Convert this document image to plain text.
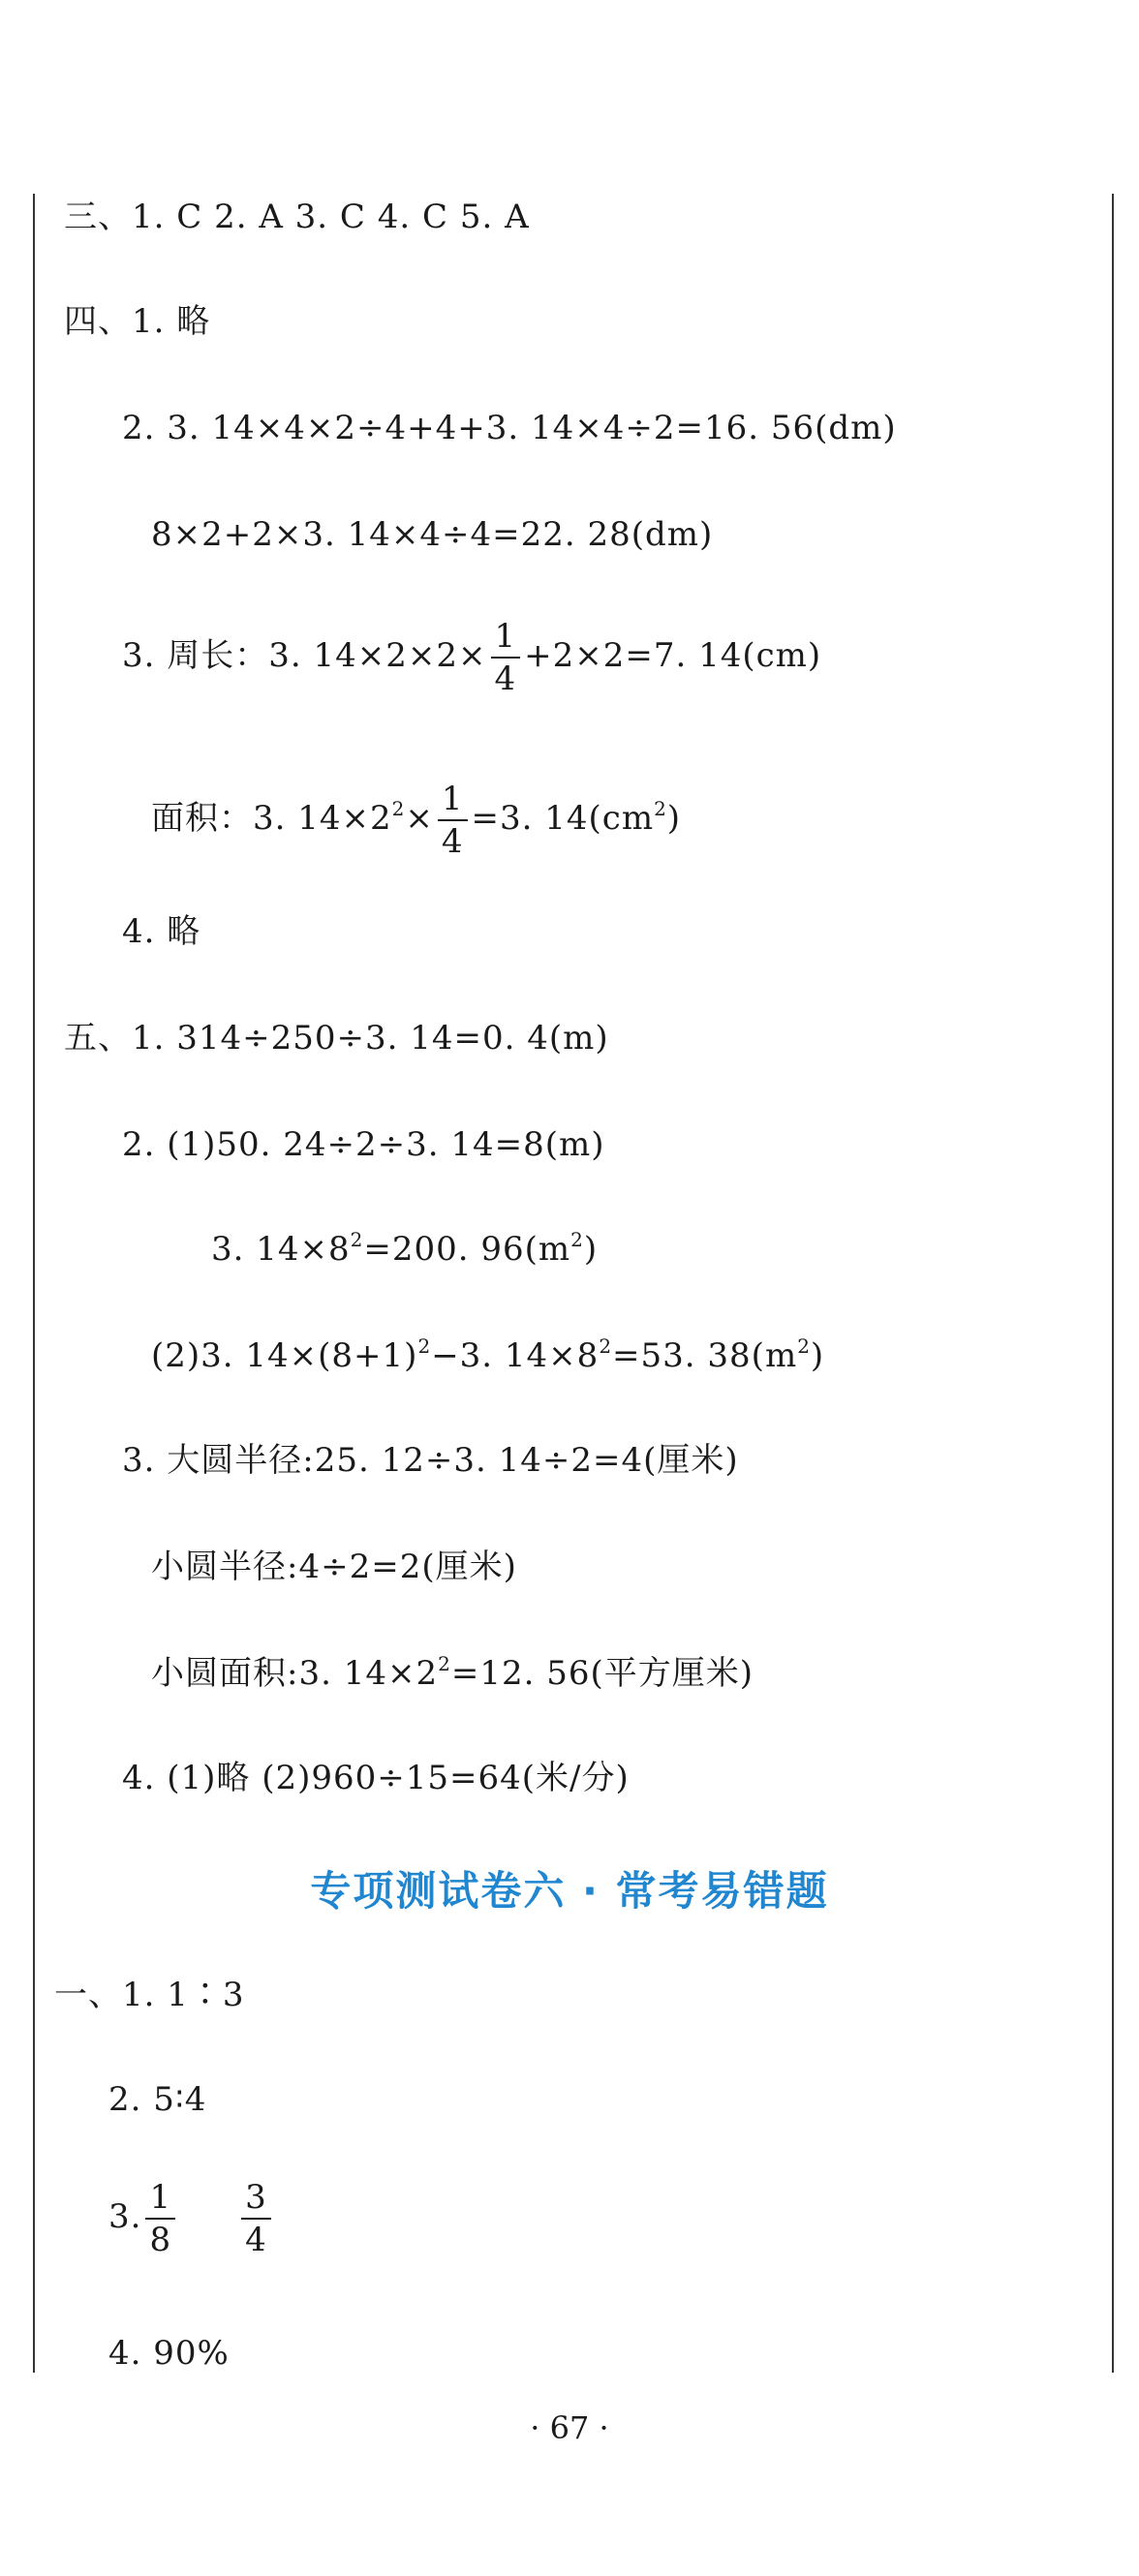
三、1. C 2. A 3. C 4. C 5. A
四、1. 略
2. 3. 14×4×2÷4+4+3. 14×4÷2=16. 56(dm)
8×2+2×3. 14×4÷4=22. 28(dm)
3. 周长：3. $14\times 2\times 2\times \frac{1}{4} +2\times 2=7$. 14(cm)
面积：3. $14\times 2^2\times \frac{1}{4} =3$. $14(cm^2)$
4. 略
五、1. 314÷250÷3. 14=0. 4(m)
2. (1)50. 24÷2÷3. 14=8(m)
3. $14\times 8^2=200$. $96(m^2)$
(2)3. $14\times(8+1)^2-3$. $14\times 8^2=53$. $38(m^2)$
3. 大圆半径:25. 12÷3. 14÷2=4(厘米)
小圆半径:4÷2=2(厘米)
小圆面积:3. $14\times 2^2=12$. 56(平方厘米)
4. (1)略 (2)960÷15=64(米/分)
专项测试卷六 · 常考易错题
一、1. 1∶3
2. 5∶4
3. $\frac{1}{8} \frac{3}{4}$
4. 90%
· 67 ·
